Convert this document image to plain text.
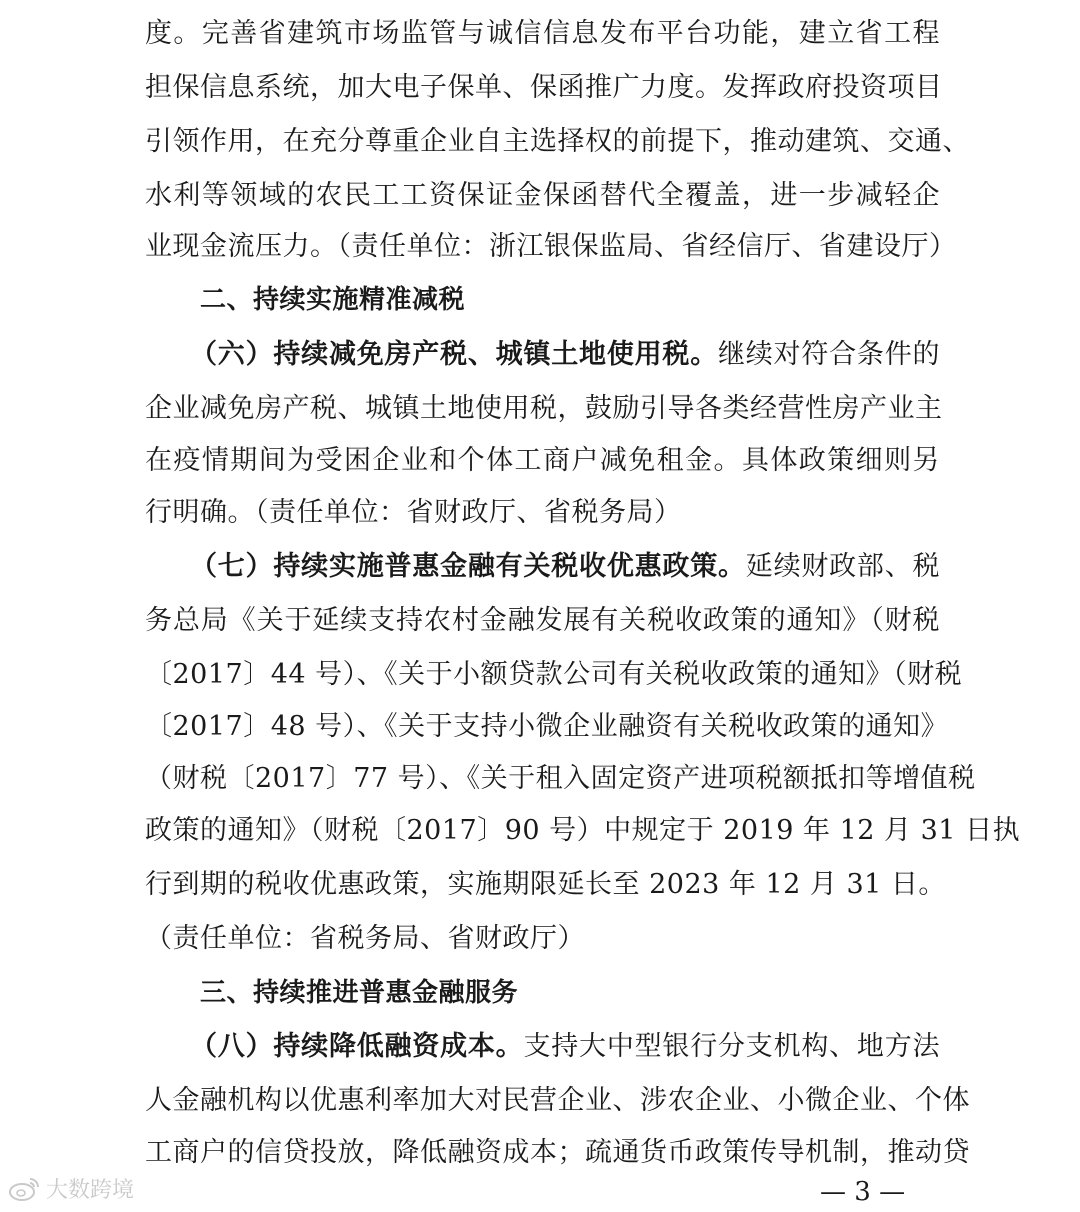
度。完善省建筑市场监管与诚信信息发布平台功能，建立省工程
担保信息系统，加大电子保单、保函推广力度。发挥政府投资项目
引领作用，在充分尊重企业自主选择权的前提下，推动建筑、交通、
水利等领域的农民工工资保证金保函替代全覆盖，进一步减轻企
业现金流压力。（责任单位：浙江银保监局、省经信厅、省建设厅）
二、持续实施精准减税
（六）持续减免房产税、城镇土地使用税。继续对符合条件的
企业减免房产税、城镇土地使用税，鼓励引导各类经营性房产业主
在疫情期间为受困企业和个体工商户减免租金。具体政策细则另
行明确。（责任单位：省财政厅、省税务局）
（七）持续实施普惠金融有关税收优惠政策。延续财政部、税
务总局《关于延续支持农村金融发展有关税收政策的通知》（财税
〔2017〕44 号）、《关于小额贷款公司有关税收政策的通知》（财税
〔2017〕48 号）、《关于支持小微企业融资有关税收政策的通知》
（财税〔2017〕77 号）、《关于租入固定资产进项税额抵扣等增值税
政策的通知》（财税〔2017〕90 号）中规定于 2019 年 12 月 31 日执
行到期的税收优惠政策，实施期限延长至 2023 年 12 月 31 日。
（责任单位：省税务局、省财政厅）
三、持续推进普惠金融服务
（八）持续降低融资成本。支持大中型银行分支机构、地方法
人金融机构以优惠利率加大对民营企业、涉农企业、小微企业、个体
工商户的信贷投放，降低融资成本；疏通货币政策传导机制，推动贷
大数跨境	— 3 —
